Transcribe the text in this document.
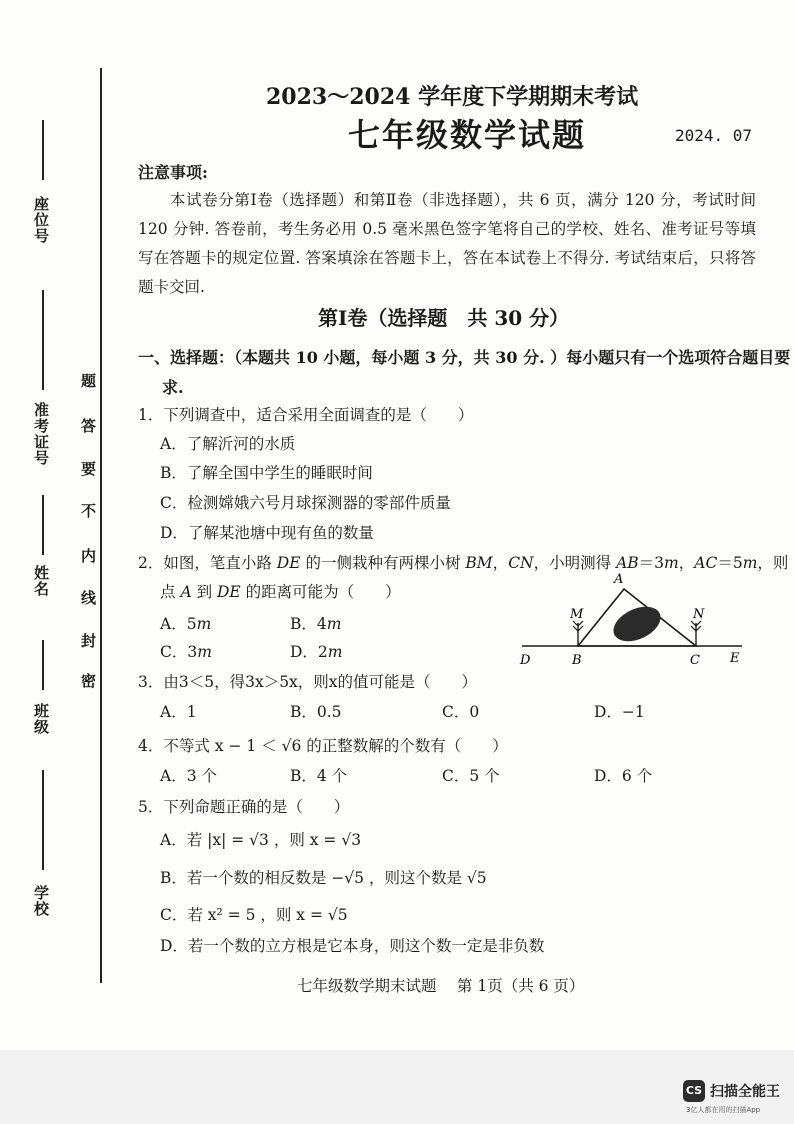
座位号
准考证号
姓名
班级
学校
密
封
线
内
不
要
答
题
2023～2024 学年度下学期期末考试
七年级数学试题	2024. 07
注意事项:
本试卷分第Ⅰ卷（选择题）和第Ⅱ卷（非选择题），共 6 页，满分 120 分，考试时间 120 分钟. 答卷前，考生务必用 0.5 毫米黑色签字笔将自己的学校、姓名、准考证号等填写在答题卡的规定位置. 答案填涂在答题卡上，答在本试卷上不得分. 考试结束后，只将答题卡交回.
第Ⅰ卷（选择题　共 30 分）
一、选择题：（本题共 10 小题，每小题 3 分，共 30 分. ）每小题只有一个选项符合题目要
求.
1．下列调查中，适合采用全面调查的是（　　）
A．了解沂河的水质
B．了解全国中学生的睡眠时间
C．检测嫦娥六号月球探测器的零部件质量
D．了解某池塘中现有鱼的数量
2．如图，笔直小路 DE 的一侧栽种有两棵小树 BM，CN，小明测得 AB＝3m，AC＝5m，则
点 A 到 DE 的距离可能为（　　）
A．5m	B．4m
C．3m	D．2m
A
M	N
D	B	C E
3．由3＜5，得3x＞5x，则x的值可能是（　　）
A．1	B．0.5	C．0	D．−1
4．不等式 x − 1 ＜ √6 的正整数解的个数有（　　）
A．3 个	B．4 个	C．5 个	D．6 个
5．下列命题正确的是（　　）
A．若 |x| = √3 ，则 x = √3
B．若一个数的相反数是 −√5 ，则这个数是 √5
C．若 x² = 5 ，则 x = √5
D．若一个数的立方根是它本身，则这个数一定是非负数
七年级数学期末试题　 第 1页（共 6 页）
CS 扫描全能王
3亿人都在用的扫描App
